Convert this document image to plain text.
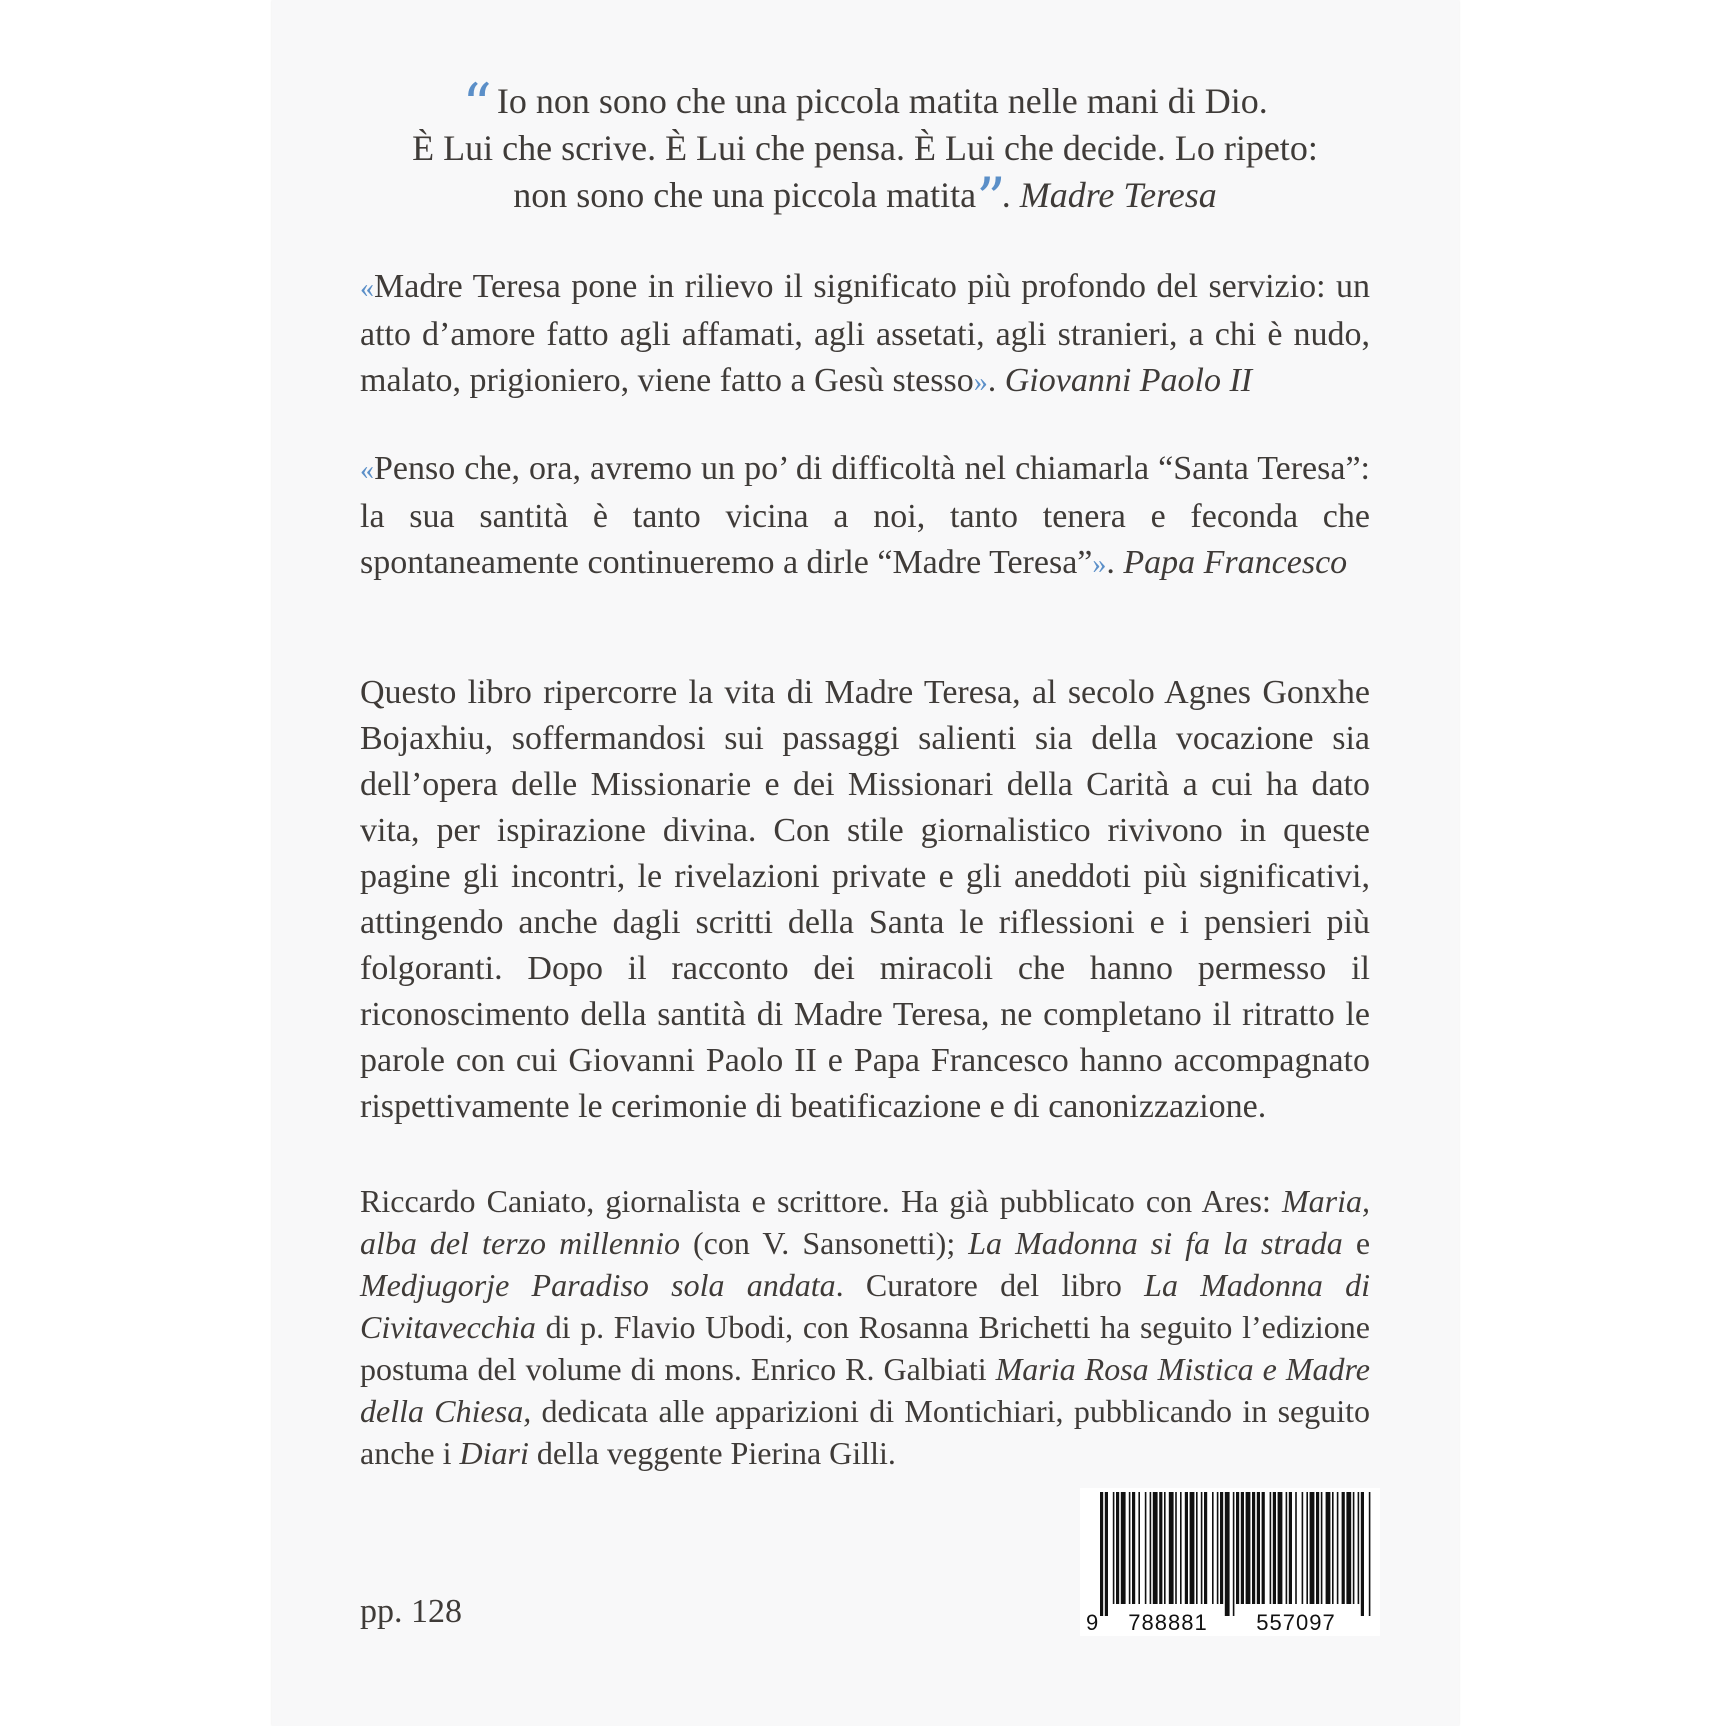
“ Io non sono che una piccola matita nelle mani di Dio.
È Lui che scrive. È Lui che pensa. È Lui che decide. Lo ripeto:
non sono che una piccola matita”. Madre Teresa

«Madre Teresa pone in rilievo il significato più profondo del servizio: un atto d’amore fatto agli affamati, agli assetati, agli stranieri, a chi è nudo, malato, prigioniero, viene fatto a Gesù stesso». Giovanni Paolo II

«Penso che, ora, avremo un po’ di difficoltà nel chiamarla “Santa Teresa”: la sua santità è tanto vicina a noi, tanto tenera e feconda che spontaneamente continueremo a dirle “Madre Teresa”». Papa Francesco

Questo libro ripercorre la vita di Madre Teresa, al secolo Agnes Gonxhe Bojaxhiu, soffermandosi sui passaggi salienti sia della vocazione sia dell’opera delle Missionarie e dei Missionari della Carità a cui ha dato vita, per ispirazione divina. Con stile giornalistico rivivono in queste pagine gli incontri, le rivelazioni private e gli aneddoti più significativi, attingendo anche dagli scritti della Santa le riflessioni e i pensieri più folgoranti. Dopo il racconto dei miracoli che hanno permesso il riconoscimento della santità di Madre Teresa, ne completano il ritratto le parole con cui Giovanni Paolo II e Papa Francesco hanno accompagnato rispettivamente le cerimonie di beatificazione e di canonizzazione.

Riccardo Caniato, giornalista e scrittore. Ha già pubblicato con Ares: Maria, alba del terzo millennio (con V. Sansonetti); La Madonna si fa la strada e Medjugorje Paradiso sola andata. Curatore del libro La Madonna di Civitavecchia di p. Flavio Ubodi, con Rosanna Brichetti ha seguito l’edizione postuma del volume di mons. Enrico R. Galbiati Maria Rosa Mistica e Madre della Chiesa, dedicata alle apparizioni di Montichiari, pubblicando in seguito anche i Diari della veggente Pierina Gilli.

pp. 128	9 788881 557097
